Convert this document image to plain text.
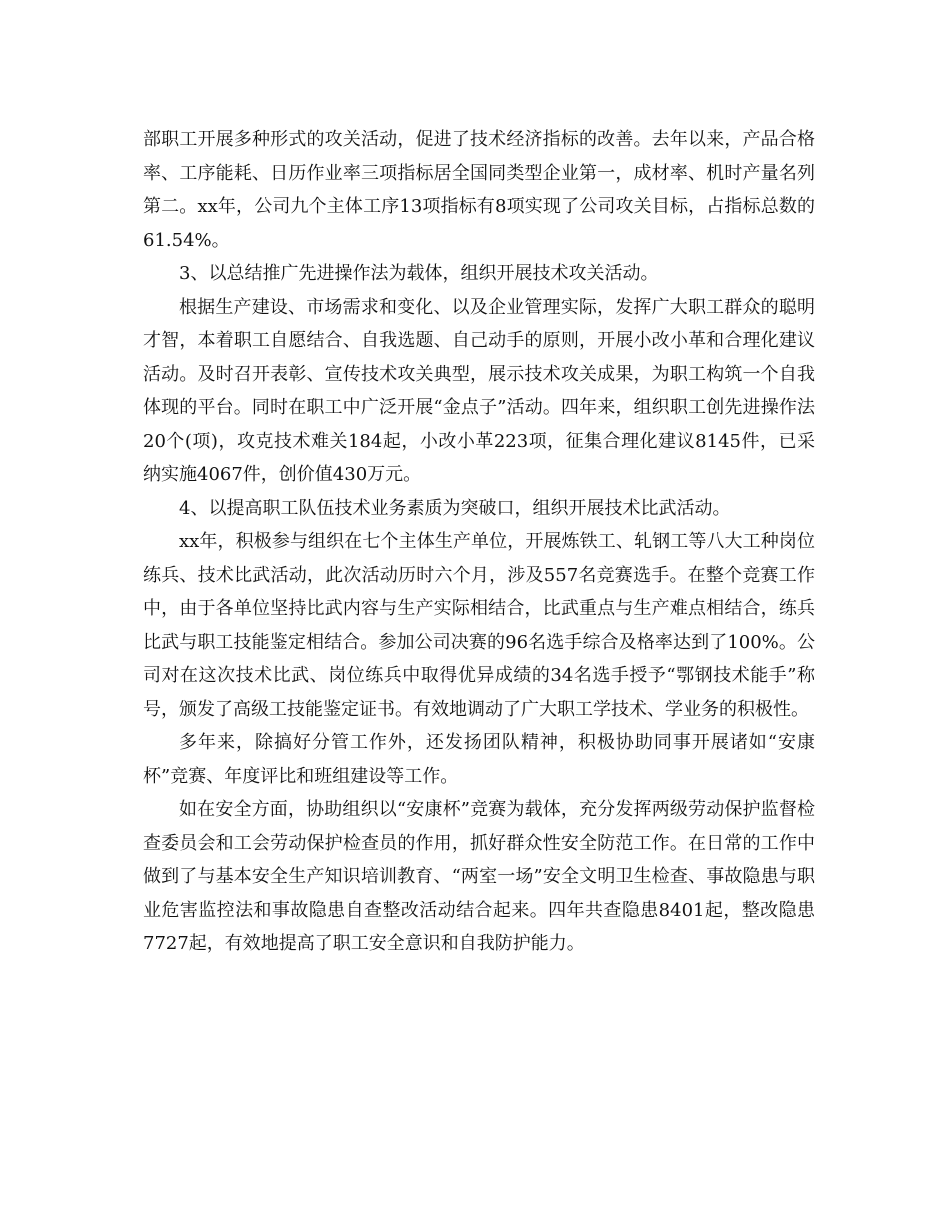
部职工开展多种形式的攻关活动，促进了技术经济指标的改善。去年以来，产品合格率、工序能耗、日历作业率三项指标居全国同类型企业第一，成材率、机时产量名列第二。xx年，公司九个主体工序13项指标有8项实现了公司攻关目标，占指标总数的61.54%。

3、以总结推广先进操作法为载体，组织开展技术攻关活动。

根据生产建设、市场需求和变化、以及企业管理实际，发挥广大职工群众的聪明才智，本着职工自愿结合、自我选题、自己动手的原则，开展小改小革和合理化建议活动。及时召开表彰、宣传技术攻关典型，展示技术攻关成果，为职工构筑一个自我体现的平台。同时在职工中广泛开展“金点子”活动。四年来，组织职工创先进操作法20个(项)，攻克技术难关184起，小改小革223项，征集合理化建议8145件，已采纳实施4067件，创价值430万元。

4、以提高职工队伍技术业务素质为突破口，组织开展技术比武活动。

xx年，积极参与组织在七个主体生产单位，开展炼铁工、轧钢工等八大工种岗位练兵、技术比武活动，此次活动历时六个月，涉及557名竞赛选手。在整个竞赛工作中，由于各单位坚持比武内容与生产实际相结合，比武重点与生产难点相结合，练兵比武与职工技能鉴定相结合。参加公司决赛的96名选手综合及格率达到了100%。公司对在这次技术比武、岗位练兵中取得优异成绩的34名选手授予“鄂钢技术能手”称号，颁发了高级工技能鉴定证书。有效地调动了广大职工学技术、学业务的积极性。

多年来，除搞好分管工作外，还发扬团队精神，积极协助同事开展诸如“安康杯”竞赛、年度评比和班组建设等工作。

如在安全方面，协助组织以“安康杯”竞赛为载体，充分发挥两级劳动保护监督检查委员会和工会劳动保护检查员的作用，抓好群众性安全防范工作。在日常的工作中做到了与基本安全生产知识培训教育、“两室一场”安全文明卫生检查、事故隐患与职业危害监控法和事故隐患自查整改活动结合起来。四年共查隐患8401起，整改隐患7727起，有效地提高了职工安全意识和自我防护能力。
